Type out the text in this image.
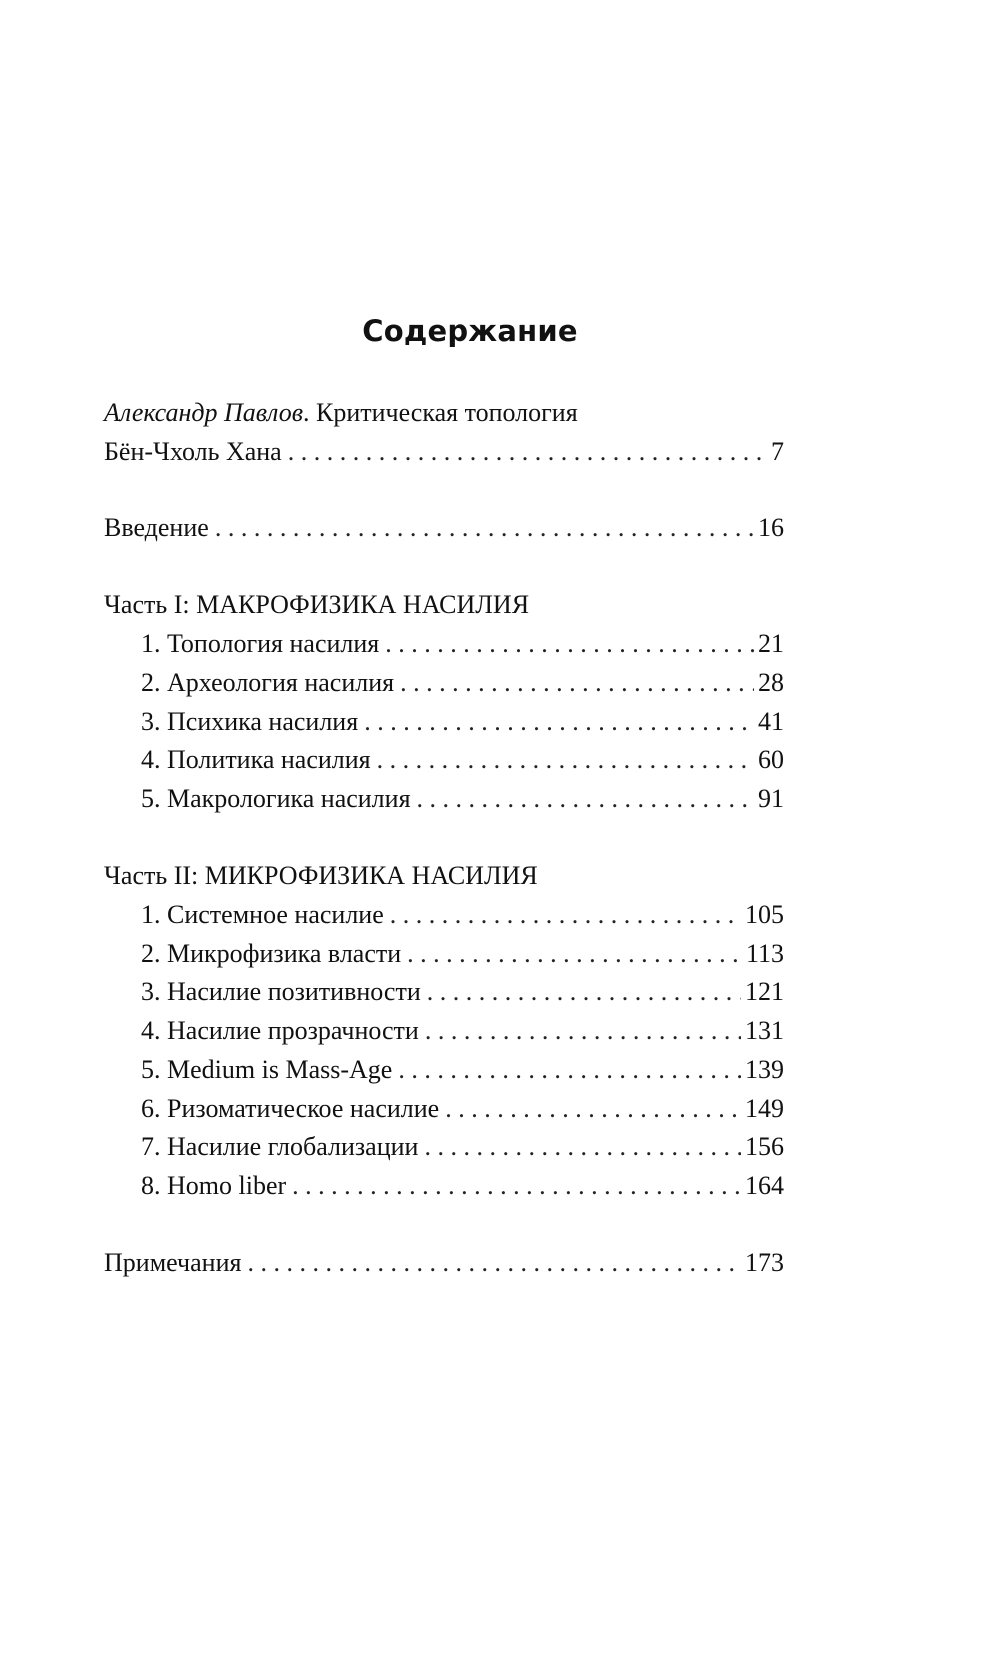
Содержание
Александр Павлов. Критическая топология
Бён-Чхоль Хана . . .	7
Введение . . .	16
Часть I: МАКРОФИЗИКА НАСИЛИЯ
1. Топология насилия . . .	21
2. Археология насилия . . .	28
3. Психика насилия . . .	41
4. Политика насилия . . .	60
5. Макрологика насилия . . .	91
Часть II: МИКРОФИЗИКА НАСИЛИЯ
1. Системное насилие . . .	105
2. Микрофизика власти . . .	113
3. Насилие позитивности . . .	121
4. Насилие прозрачности . . .	131
5. Medium is Mass-Age . . .	139
6. Ризоматическое насилие . . .	149
7. Насилие глобализации . . .	156
8. Homo liber . . .	164
Примечания . . .	173
